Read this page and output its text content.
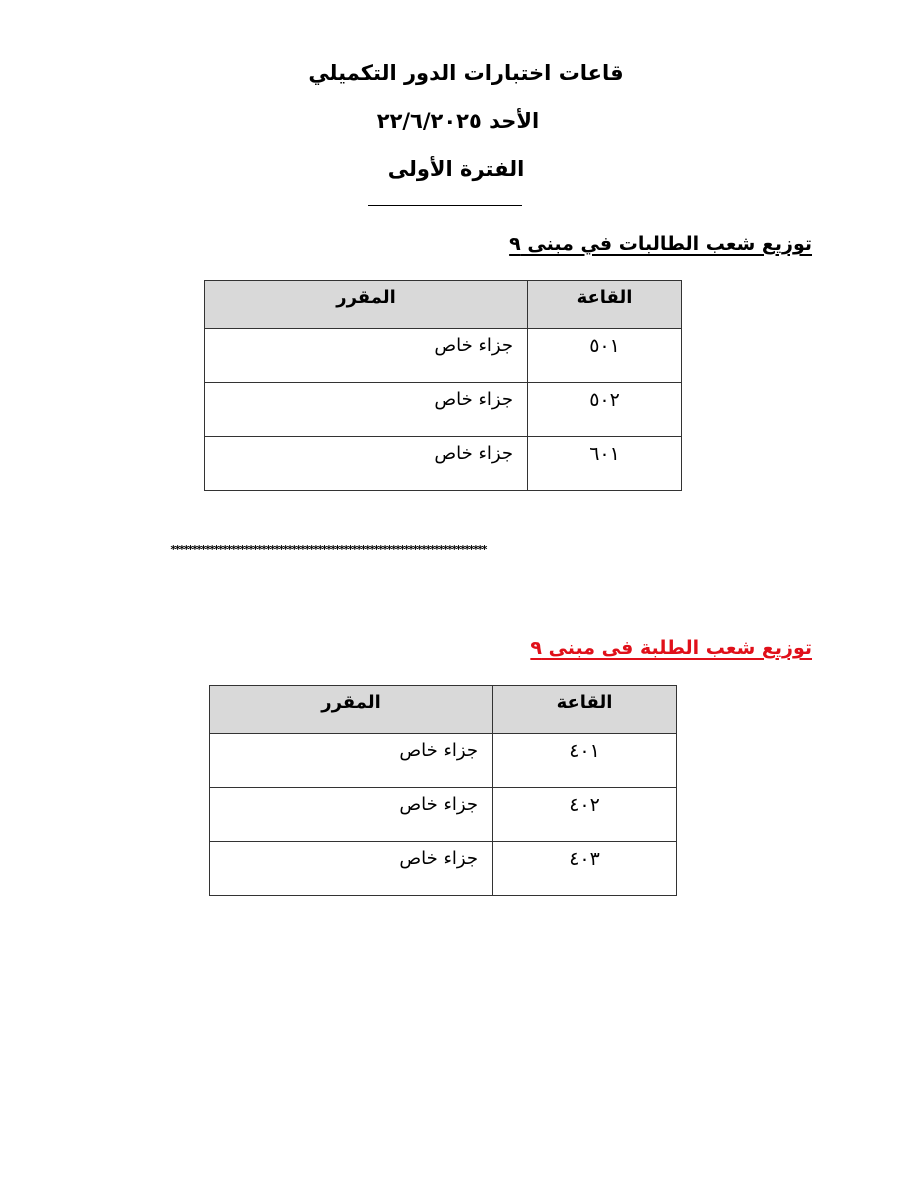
قاعات اختبارات الدور التكميلي
الأحد ٢٢/٦/٢٠٢٥
الفترة الأولى
توزيع شعب الطالبات في مبنى ٩
القاعة	المقرر
٥٠١	جزاء خاص
٥٠٢	جزاء خاص
٦٠١	جزاء خاص
*************************************************************************
توزيع شعب الطلبة فى مبنى ٩
القاعة	المقرر
٤٠١	جزاء خاص
٤٠٢	جزاء خاص
٤٠٣	جزاء خاص
